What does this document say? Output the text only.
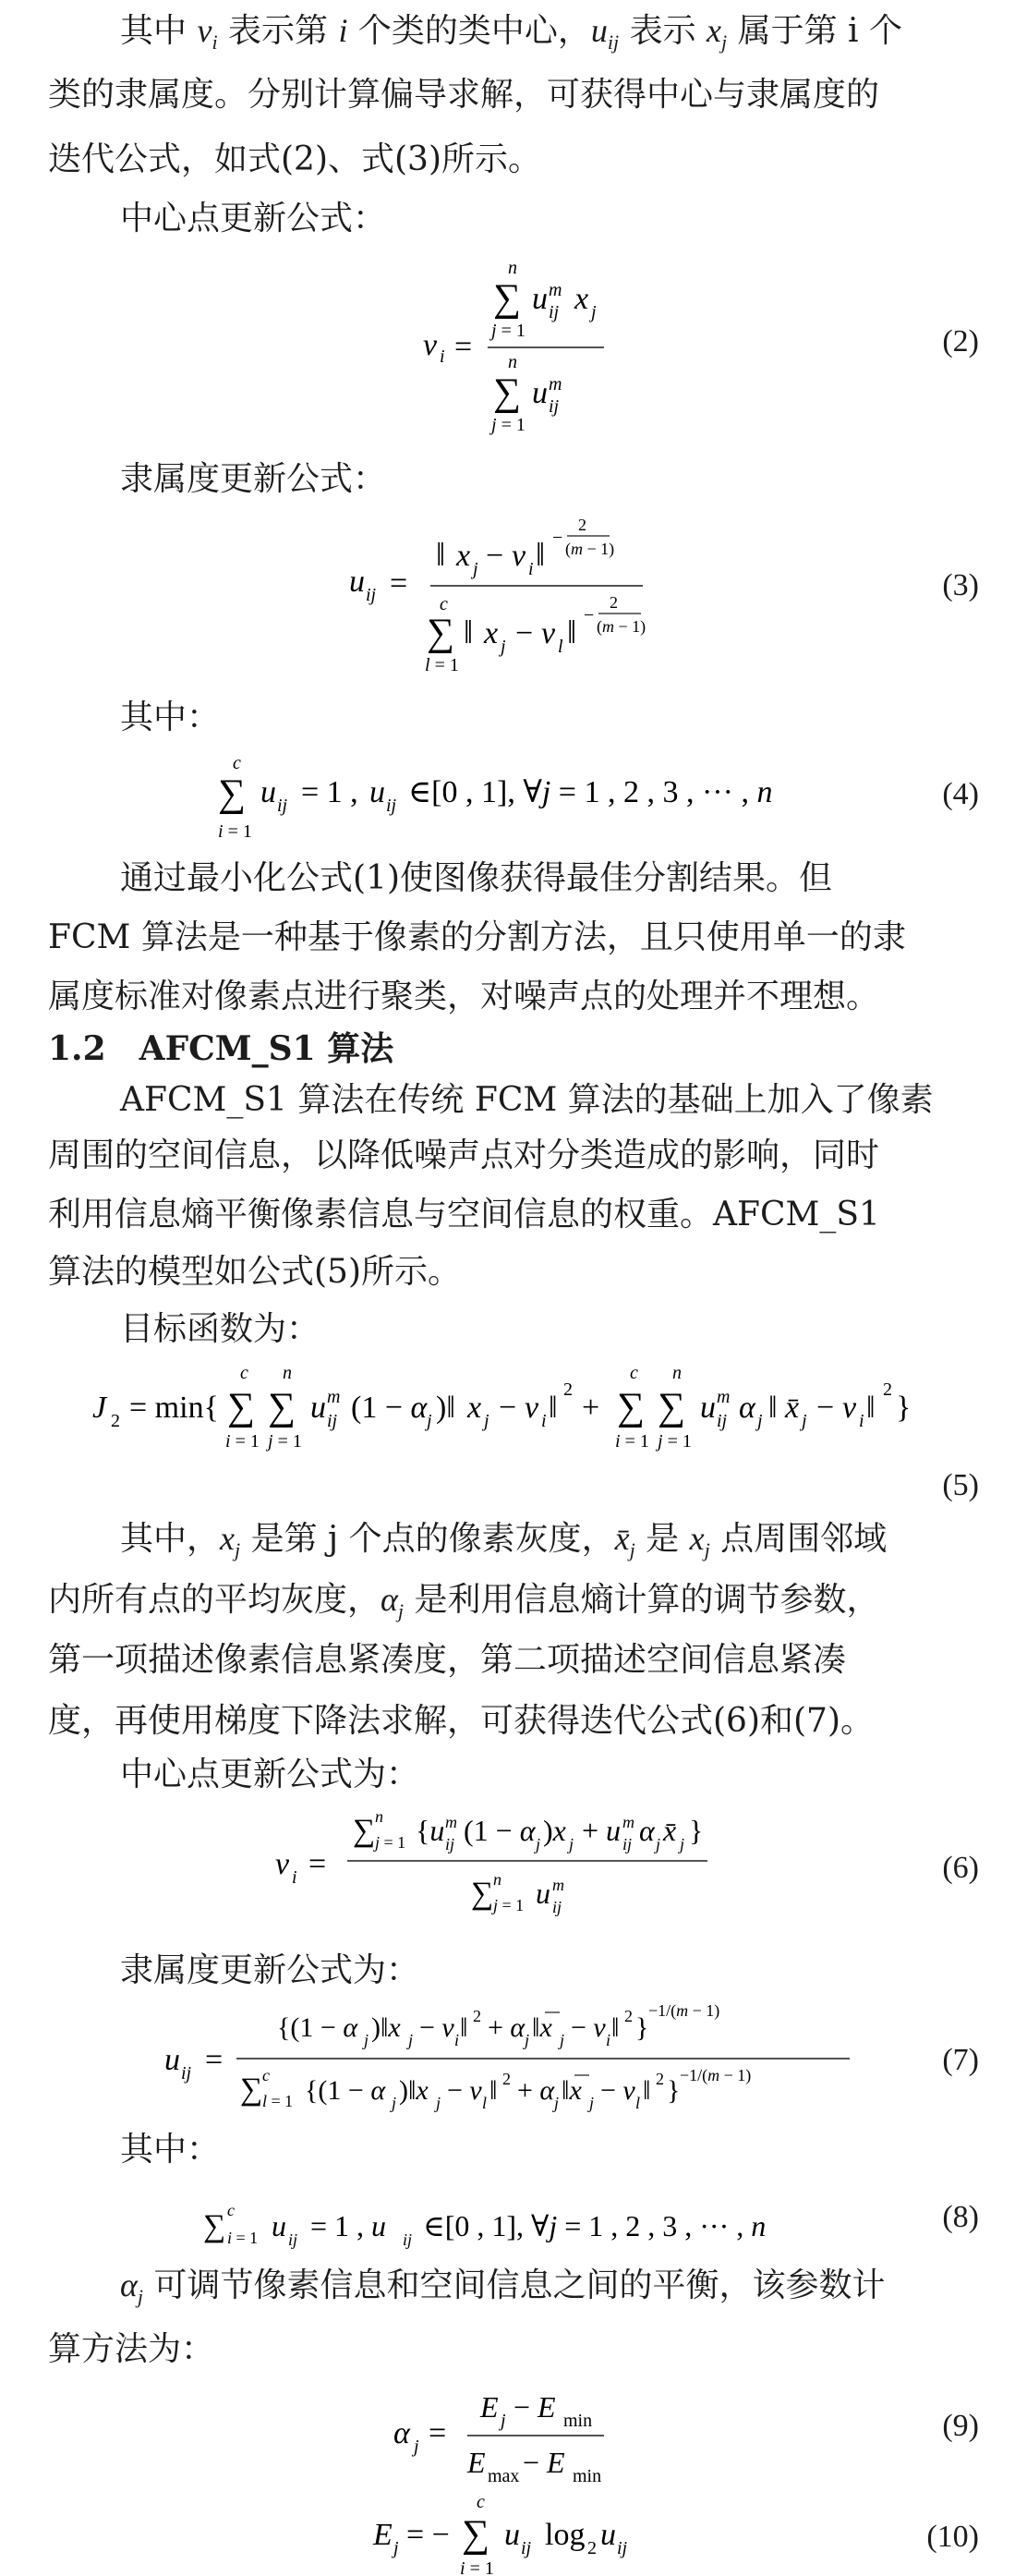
其中 $v_i$ 表示第 i 个类的类中心，$u_{ij}$ 表示 $x_j$ 属于第 i 个
类的隶属度。分别计算偏导求解，可获得中心与隶属度的
迭代公式，如式(2)、式(3)所示。
中心点更新公式：
v i =
n
∑
j = 1
u m
ij x j
n
∑
j = 1
u m
ij
(2)
隶属度更新公式：
u ij =
‖ x j − v i ‖ −
2
(m − 1)
c
∑
l = 1
‖ x j − v l ‖ −
2
(m − 1)
(3)
其中：
c
∑
i = 1
u ij = 1 , u ij ∈[0 , 1], ∀j = 1 , 2 , 3 , ··· , n	(4)
通过最小化公式(1)使图像获得最佳分割结果。但
FCM 算法是一种基于像素的分割方法，且只使用单一的隶
属度标准对像素点进行聚类，对噪声点的处理并不理想。
1.2　AFCM_S1 算法
AFCM_S1 算法在传统 FCM 算法的基础上加入了像素
周围的空间信息，以降低噪声点对分类造成的影响，同时
利用信息熵平衡像素信息与空间信息的权重。AFCM_S1
算法的模型如公式(5)所示。
目标函数为：
J 2 = min{
c
∑
i = 1
n
∑
j = 1
u m
ij (1 − α j )‖ x j − v i ‖
2
+
c
∑
i = 1
n
∑
j = 1
u m
ij α j ‖ x̄ j − v i ‖
2
}
(5)
其中，$x_j$ 是第 j 个点的像素灰度，$x̄_j$ 是 $x_j$ 点周围邻域
内所有点的平均灰度，$\alpha_j$ 是利用信息熵计算的调节参数，
第一项描述像素信息紧凑度，第二项描述空间信息紧凑
度，再使用梯度下降法求解，可获得迭代公式(6)和(7)。
中心点更新公式为：
v i =
∑ n
j = 1 {u m
ij (1 − α j )x j + u m
ij α j x̄ j }
∑ n
j = 1 u m
ij
(6)
隶属度更新公式为：
u ij =
{(1 − α j )‖x j − v i ‖ 2 + α j ‖x j − v i ‖ 2 }
−1/(m − 1)
∑ c
l = 1 {(1 − α j )‖x j − v l ‖ 2 + α j ‖x j − v l ‖ 2 } −1/(m − 1)	(7)
其中：
∑ c
i = 1 u ij = 1 , u ij ∈[0 , 1], ∀j = 1 , 2 , 3 , ··· , n	(8)
$\alpha_j$ 可调节像素信息和空间信息之间的平衡，该参数计
算方法为：
α j =
E j − E min
E max − E min
(9)
E j = −
c
∑
i = 1
u ij log 2 u ij	(10)
